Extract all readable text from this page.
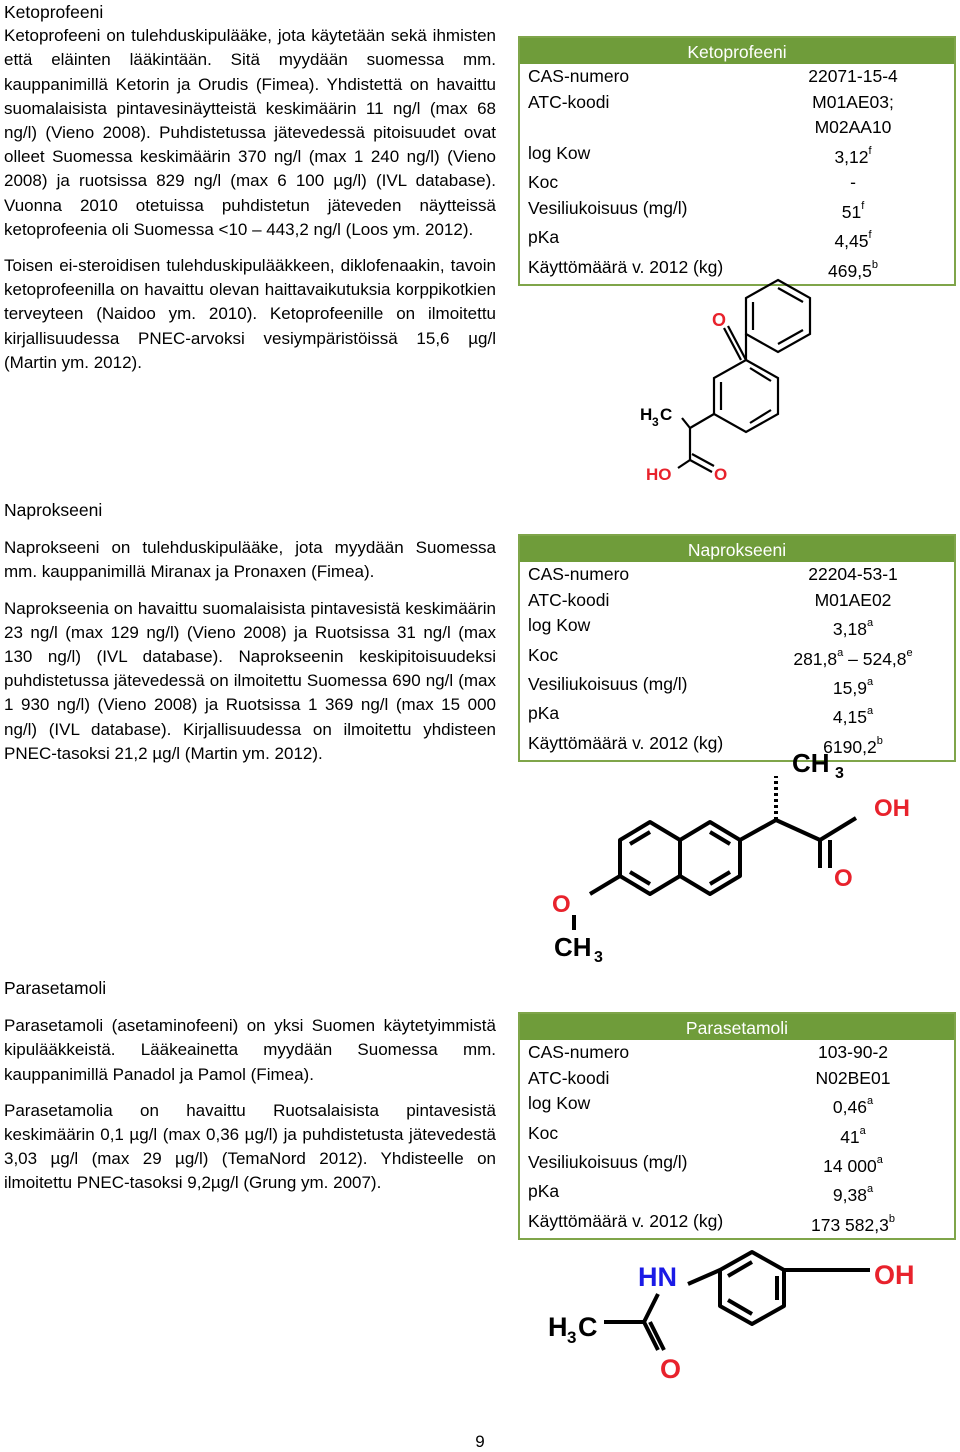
Ketoprofeeni

Ketoprofeeni on tulehduskipulääke, jota käytetään sekä ihmisten että eläinten lääkintään. Sitä myydään suomessa mm. kauppanimillä Ketorin ja Orudis (Fimea). Yhdistettä on havaittu suomalaisista pintavesinäytteistä keskimäärin 11 ng/l (max 68 ng/l) (Vieno 2008). Puhdistetussa jätevedessä pitoisuudet ovat olleet Suomessa keskimäärin 370 ng/l (max 1 240 ng/l) (Vieno 2008) ja ruotsissa 829 ng/l (max 6 100 µg/l) (IVL database). Vuonna 2010 otetuissa puhdistetun jäteveden näytteissä ketoprofeenia oli Suomessa <10 – 443,2 ng/l (Loos ym. 2012).

Toisen ei-steroidisen tulehduskipulääkkeen, diklofenaakin, tavoin ketoprofeenilla on havaittu olevan haittavaikutuksia korppikotkien terveyteen (Naidoo ym. 2010). Ketoprofeenille on ilmoitettu kirjallisuudessa PNEC-arvoksi vesiympäristöissä 15,6 µg/l (Martin ym. 2012).

Ketoprofeeni
CAS-numero	22071-15-4
ATC-koodi	M01AE03;
M02AA10
log Kow	3,12$^f$
Koc	-
Vesiliukoisuus (mg/l)	51$^f$
pKa	4,45$^f$
Käyttömäärä v. 2012 (kg)	469,5$^b$
O
H 3 C
HO	O
Naprokseeni

Naprokseeni on tulehduskipulääke, jota myydään Suomessa mm. kauppanimillä Miranax ja Pronaxen (Fimea).

Naprokseenia on havaittu suomalaisista pintavesistä keskimäärin 23 ng/l (max 129 ng/l) (Vieno 2008) ja Ruotsissa 31 ng/l (max 130 ng/l) (IVL database). Naprokseenin keskipitoisuudeksi puhdistetussa jätevedessä on ilmoitettu Suomessa 690 ng/l (max 1 930 ng/l) (Vieno 2008) ja Ruotsissa 1 369 ng/l (max 15 000 ng/l) (IVL database). Kirjallisuudessa on ilmoitettu yhdisteen PNEC-tasoksi 21,2 µg/l (Martin ym. 2012).

Naprokseeni
CAS-numero	22204-53-1
ATC-koodi	M01AE02
log Kow	3,18$^a$
Koc	281,8$^a$ – 524,8e
Vesiliukoisuus (mg/l)	15,9$^a$
pKa	4,15$^a$
Käyttömäärä v. 2012 (kg)	6190,2$^b$
CH 3
OH
O
O
CH 3
Parasetamoli

Parasetamoli (asetaminofeeni) on yksi Suomen käytetyimmistä kipulääkkeistä. Lääkeainetta myydään Suomessa mm. kauppanimillä Panadol ja Pamol (Fimea).

Parasetamolia on havaittu Ruotsalaisista pintavesistä keskimäärin 0,1 µg/l (max 0,36 µg/l) ja puhdistetusta jätevedestä 3,03 µg/l (max 29 µg/l) (TemaNord 2012). Yhdisteelle on ilmoitettu PNEC-tasoksi 9,2µg/l (Grung ym. 2007).

Parasetamoli
CAS-numero	103-90-2
ATC-koodi	N02BE01
log Kow	0,46$^a$
Koc	41$^a$
Vesiliukoisuus (mg/l)	14 000$^a$
pKa	9,38$^a$
Käyttömäärä v. 2012 (kg)	173 582,3$^b$
HN	OH
H 3 C
O
9
